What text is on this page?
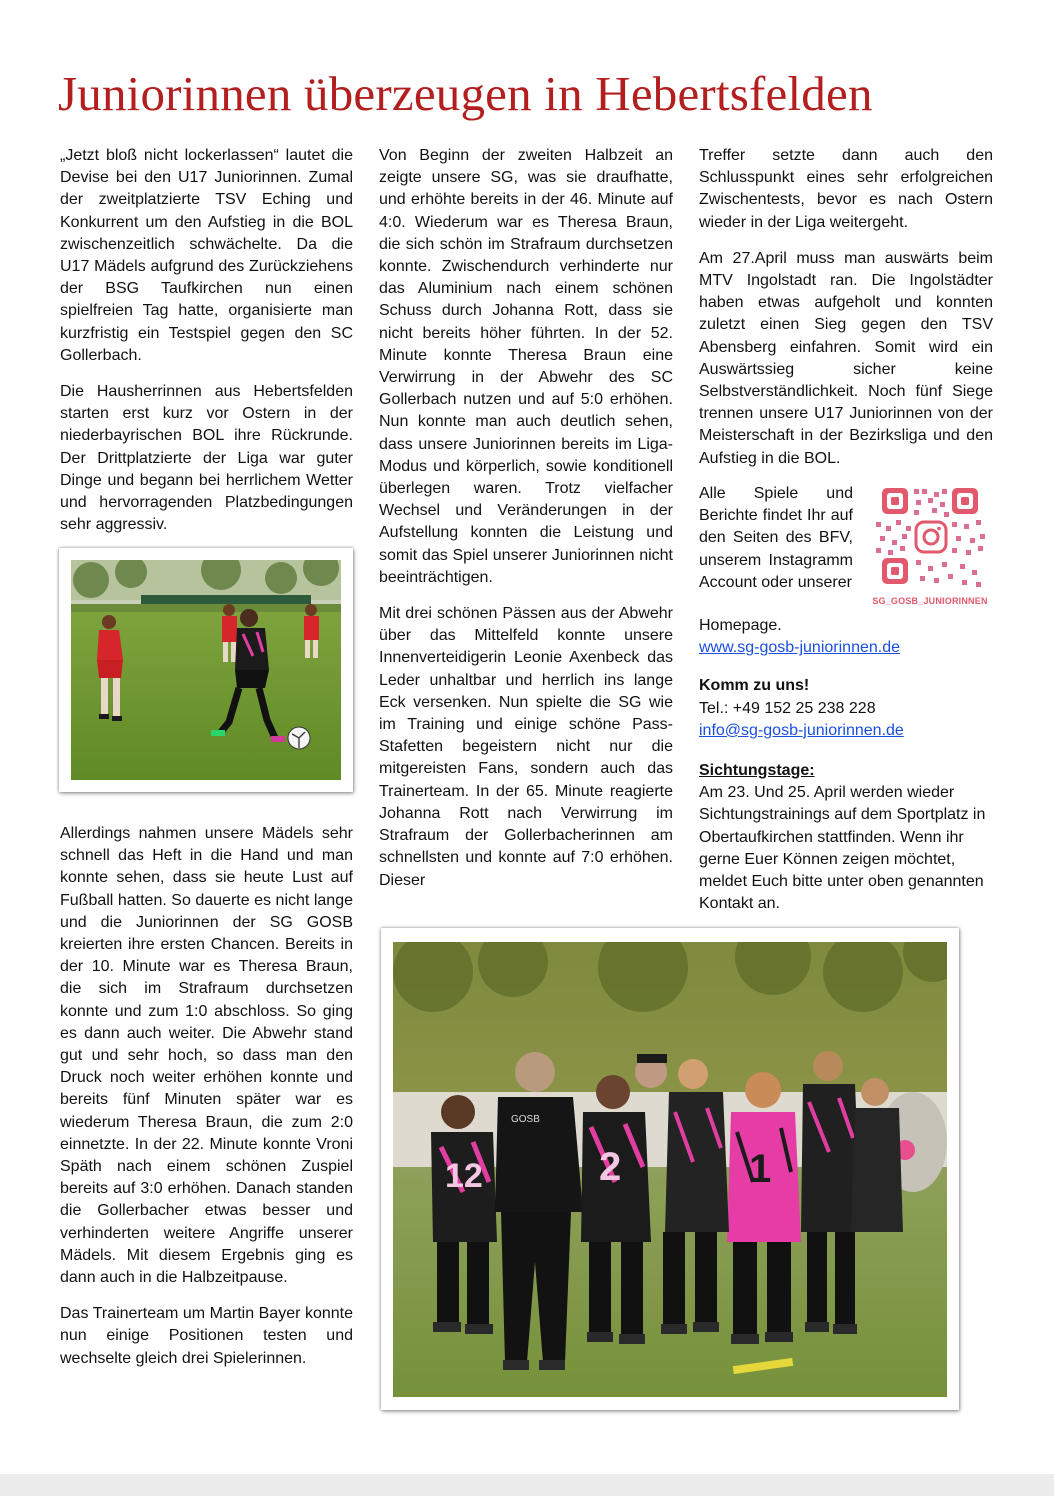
Juniorinnen überzeugen in Hebertsfelden

„Jetzt bloß nicht lockerlassen“ lautet die Devise bei den U17 Juniorinnen. Zumal der zweitplatzierte TSV Eching und Konkurrent um den Aufstieg in die BOL zwischenzeitlich schwächelte. Da die U17 Mädels aufgrund des Zurückziehens der BSG Taufkirchen nun einen spielfreien Tag hatte, organisierte man kurzfristig ein Testspiel gegen den SC Gollerbach.

Die Hausherrinnen aus Hebertsfelden starten erst kurz vor Ostern in der niederbayrischen BOL ihre Rückrunde. Der Drittplatzierte der Liga war guter Dinge und begann bei herrlichem Wetter und hervorragenden Platzbedingungen sehr aggressiv.

Allerdings nahmen unsere Mädels sehr schnell das Heft in die Hand und man konnte sehen, dass sie heute Lust auf Fußball hatten. So dauerte es nicht lange und die Juniorinnen der SG GOSB kreierten ihre ersten Chancen. Bereits in der 10. Minute war es Theresa Braun, die sich im Strafraum durchsetzen konnte und zum 1:0 abschloss. So ging es dann auch weiter. Die Abwehr stand gut und sehr hoch, so dass man den Druck noch weiter erhöhen konnte und bereits fünf Minuten später war es wiederum Theresa Braun, die zum 2:0 einnetzte. In der 22. Minute konnte Vroni Späth nach einem schönen Zuspiel bereits auf 3:0 erhöhen. Danach standen die Gollerbacher etwas besser und verhinderten weitere Angriffe unserer Mädels. Mit diesem Ergebnis ging es dann auch in die Halbzeitpause.

Das Trainerteam um Martin Bayer konnte nun einige Positionen testen und wechselte gleich drei Spielerinnen.

Von Beginn der zweiten Halbzeit an zeigte unsere SG, was sie draufhatte, und erhöhte bereits in der 46. Minute auf 4:0. Wiederum war es Theresa Braun, die sich schön im Strafraum durchsetzen konnte. Zwischendurch verhinderte nur das Aluminium nach einem schönen Schuss durch Johanna Rott, dass sie nicht bereits höher führten. In der 52. Minute konnte Theresa Braun eine Verwirrung in der Abwehr des SC Gollerbach nutzen und auf 5:0 erhöhen. Nun konnte man auch deutlich sehen, dass unsere Juniorinnen bereits im Liga-Modus und körperlich, sowie konditionell überlegen waren. Trotz vielfacher Wechsel und Veränderungen in der Aufstellung konnten die Leistung und somit das Spiel unserer Juniorinnen nicht beeinträchtigen.

Mit drei schönen Pässen aus der Abwehr über das Mittelfeld konnte unsere Innenverteidigerin Leonie Axenbeck das Leder unhaltbar und herrlich ins lange Eck versenken. Nun spielte die SG wie im Training und einige schöne Pass-Stafetten begeistern nicht nur die mitgereisten Fans, sondern auch das Trainerteam. In der 65. Minute reagierte Johanna Rott nach Verwirrung im Strafraum der Gollerbacherinnen am schnellsten und konnte auf 7:0 erhöhen. Dieser

Treffer setzte dann auch den Schlusspunkt eines sehr erfolgreichen Zwischentests, bevor es nach Ostern wieder in der Liga weitergeht.

Am 27.April muss man auswärts beim MTV Ingolstadt ran. Die Ingolstädter haben etwas aufgeholt und konnten zuletzt einen Sieg gegen den TSV Abensberg einfahren. Somit wird ein Auswärtssieg sicher keine Selbstverständlichkeit. Noch fünf Siege trennen unsere U17 Juniorinnen von der Meisterschaft in der Bezirksliga und den Aufstieg in die BOL.

Alle Spiele und Berichte findet Ihr auf den Seiten des BFV, unserem Instagramm Account oder unserer

SG_GOSB_JUNIORINNEN
Homepage.
www.sg-gosb-juniorinnen.de
Komm zu uns!
Tel.: +49 152 25 238 228
info@sg-gosb-juniorinnen.de
Sichtungstage:
Am 23. Und 25. April werden wieder Sichtungstrainings auf dem Sportplatz in Obertaufkirchen stattfinden. Wenn ihr gerne Euer Können zeigen möchtet, meldet Euch bitte unter oben genannten Kontakt an.
12
GOSB
2	1
